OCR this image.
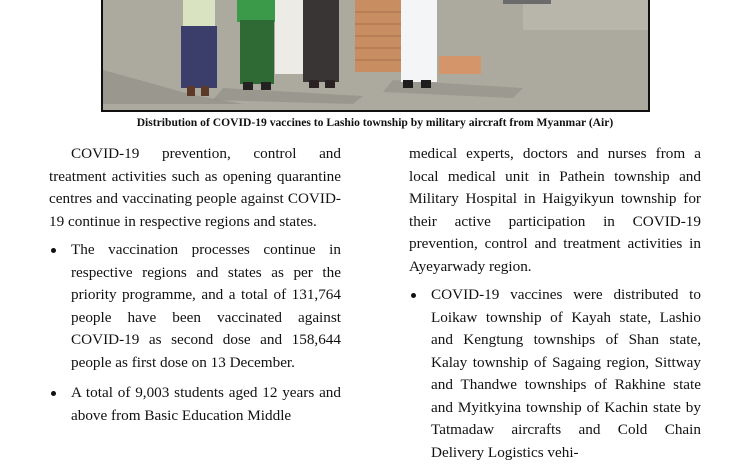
Distribution of COVID-19 vaccines to Lashio township by military aircraft from Myanmar (Air)

COVID-19 prevention, control and treatment activities such as opening quarantine centres and vaccinating people against COVID-19 continue in respective regions and states.

The vaccination processes continue in respective regions and states as per the priority programme, and a total of 131,764 people have been vaccinated against COVID-19 as second dose and 158,644 people as first dose on 13 December.
A total of 9,003 students aged 12 years and above from Basic Education Middle

medical experts, doctors and nurses from a local medical unit in Pathein township and Military Hospital in Haigyikyun township for their active participation in COVID-19 prevention, control and treatment activities in Ayeyarwady region.

COVID-19 vaccines were distributed to Loikaw township of Kayah state, Lashio and Kengtung townships of Shan state, Kalay township of Sagaing region, Sittway and Thandwe townships of Rakhine state and Myitkyina township of Kachin state by Tatmadaw aircrafts and Cold Chain Delivery Logistics vehi-
